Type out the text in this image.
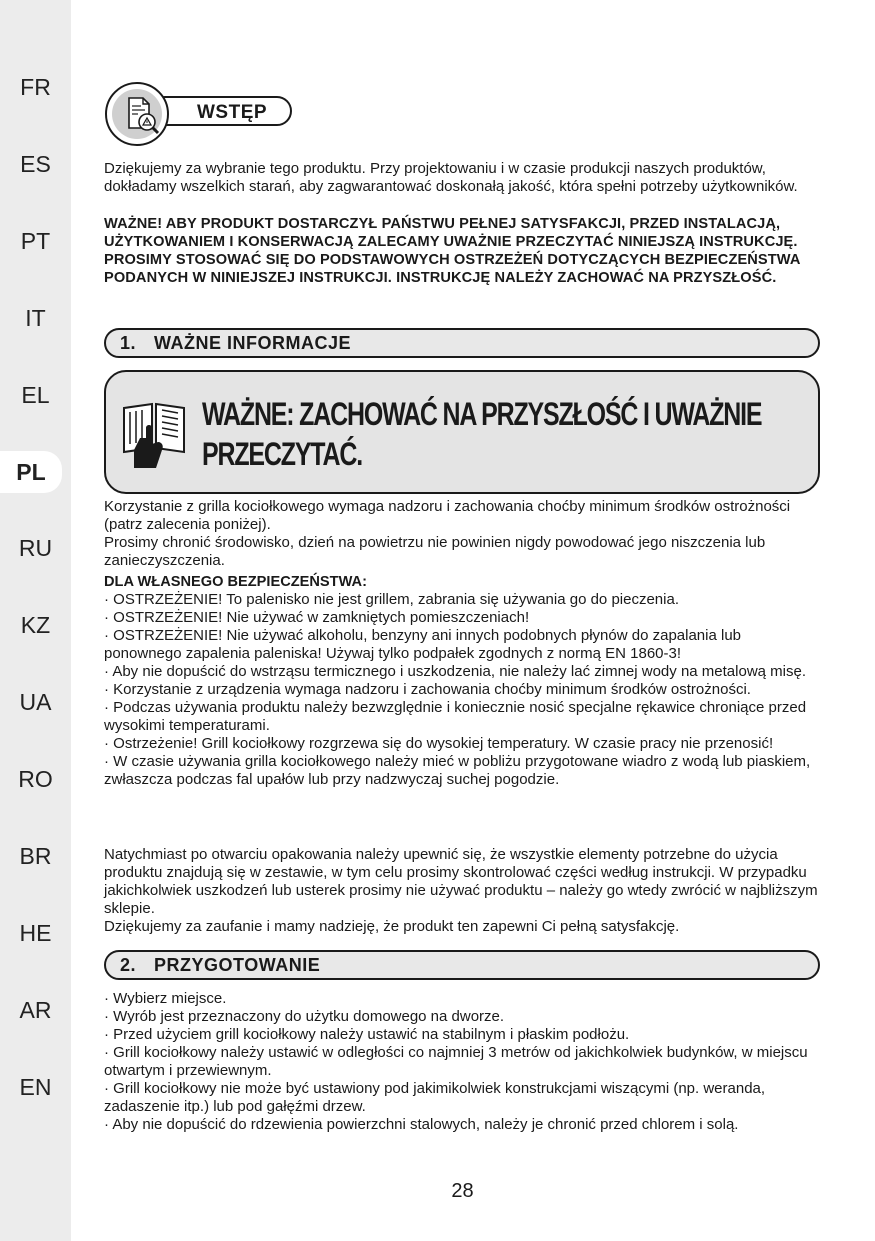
FR
ES
PT
IT
EL
PL
RU
KZ
UA
RO
BR
HE
AR
EN
WSTĘP

Dziękujemy za wybranie tego produktu. Przy projektowaniu i w czasie produkcji naszych produktów, dokładamy wszelkich starań, aby zagwarantować doskonałą jakość, która spełni potrzeby użytkowników.

WAŻNE! ABY PRODUKT DOSTARCZYŁ PAŃSTWU PEŁNEJ SATYSFAKCJI, PRZED INSTALACJĄ, UŻYTKOWANIEM I KONSERWACJĄ ZALECAMY UWAŻNIE PRZECZYTAĆ NINIEJSZĄ INSTRUKCJĘ. PROSIMY STOSOWAĆ SIĘ DO PODSTAWOWYCH OSTRZEŻEŃ DOTYCZĄCYCH BEZPIECZEŃSTWA PODANYCH W NINIEJSZEJ INSTRUKCJI. INSTRUKCJĘ NALEŻY ZACHOWAĆ NA PRZYSZŁOŚĆ.

1. WAŻNE INFORMACJE
WAŻNE: ZACHOWAĆ NA PRZYSZŁOŚĆ I UWAŻNIE
PRZECZYTAĆ.

Korzystanie z grilla kociołkowego wymaga nadzoru i zachowania choćby minimum środków ostrożności (patrz zalecenia poniżej).

Prosimy chronić środowisko, dzień na powietrzu nie powinien nigdy powodować jego niszczenia lub zanieczyszczenia.

DLA WŁASNEGO BEZPIECZEŃSTWA:

· OSTRZEŻENIE! To palenisko nie jest grillem, zabrania się używania go do pieczenia.
· OSTRZEŻENIE! Nie używać w zamkniętych pomieszczeniach!
· OSTRZEŻENIE! Nie używać alkoholu, benzyny ani innych podobnych płynów do zapalania lub ponownego zapalenia paleniska! Używaj tylko podpałek zgodnych z normą EN 1860-3!
· Aby nie dopuścić do wstrząsu termicznego i uszkodzenia, nie należy lać zimnej wody na metalową misę.
· Korzystanie z urządzenia wymaga nadzoru i zachowania choćby minimum środków ostrożności.
· Podczas używania produktu należy bezwzględnie i koniecznie nosić specjalne rękawice chroniące przed wysokimi temperaturami.
· Ostrzeżenie! Grill kociołkowy rozgrzewa się do wysokiej temperatury. W czasie pracy nie przenosić!
· W czasie używania grilla kociołkowego należy mieć w pobliżu przygotowane wiadro z wodą lub piaskiem, zwłaszcza podczas fal upałów lub przy nadzwyczaj suchej pogodzie.

Natychmiast po otwarciu opakowania należy upewnić się, że wszystkie elementy potrzebne do użycia produktu znajdują się w zestawie, w tym celu prosimy skontrolować części według instrukcji. W przypadku jakichkolwiek uszkodzeń lub usterek prosimy nie używać produktu – należy go wtedy zwrócić w najbliższym sklepie.

Dziękujemy za zaufanie i mamy nadzieję, że produkt ten zapewni Ci pełną satysfakcję.

2. PRZYGOTOWANIE
· Wybierz miejsce.
· Wyrób jest przeznaczony do użytku domowego na dworze.
· Przed użyciem grill kociołkowy należy ustawić na stabilnym i płaskim podłożu.
· Grill kociołkowy należy ustawić w odległości co najmniej 3 metrów od jakichkolwiek budynków, w miejscu otwartym i przewiewnym.
· Grill kociołkowy nie może być ustawiony pod jakimikolwiek konstrukcjami wiszącymi (np. weranda, zadaszenie itp.) lub pod gałęźmi drzew.
· Aby nie dopuścić do rdzewienia powierzchni stalowych, należy je chronić przed chlorem i solą.
28
